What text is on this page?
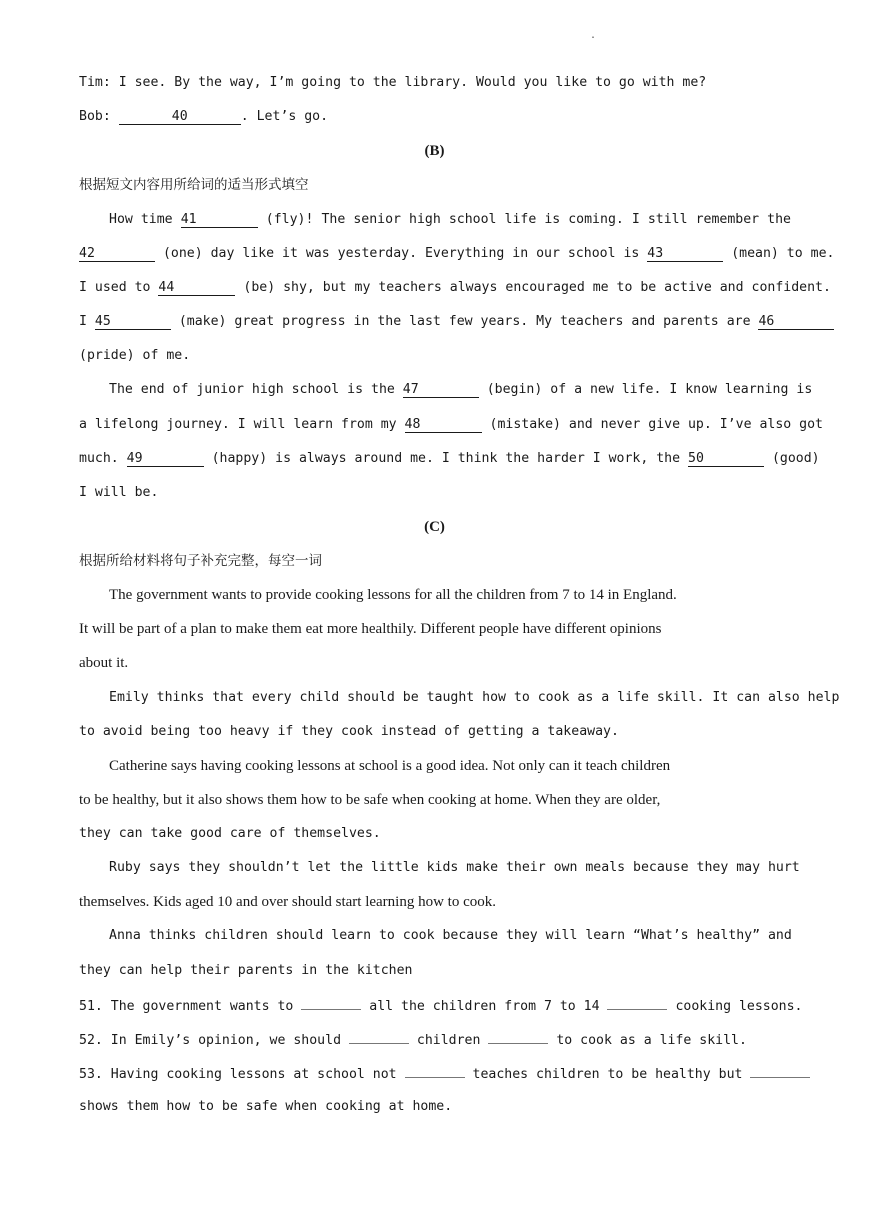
.
Tim: I see. By the way, I’m going to the library. Would you like to go with me?
Bob:	40	. Let’s go.
(B)
根据短文内容用所给词的适当形式填空
How time 41	(fly)! The senior high school life is coming. I still remember the
42	(one) day like it was yesterday. Everything in our school is 43	(mean) to me.
I used to 44	(be) shy, but my teachers always encouraged me to be active and confident.
I 45	(make) great progress in the last few years. My teachers and parents are 46
(pride) of me.
The end of junior high school is the 47	(begin) of a new life. I know learning is
a lifelong journey. I will learn from my 48	(mistake) and never give up. I’ve also got
much. 49	(happy) is always around me. I think the harder I work, the 50	(good)
I will be.
(C)
根据所给材料将句子补充完整，每空一词
The government wants to provide cooking lessons for all the children from 7 to 14 in England.
It will be part of a plan to make them eat more healthily. Different people have different opinions
about it.
Emily thinks that every child should be taught how to cook as a life skill. It can also help
to avoid being too heavy if they cook instead of getting a takeaway.
Catherine says having cooking lessons at school is a good idea. Not only can it teach children
to be healthy, but it also shows them how to be safe when cooking at home. When they are older,
they can take good care of themselves.
Ruby says they shouldn’t let the little kids make their own meals because they may hurt
themselves. Kids aged 10 and over should start learning how to cook.
Anna thinks children should learn to cook because they will learn “What’s healthy” and
they can help their parents in the kitchen
51. The government wants to	all the children from 7 to 14	cooking lessons.
52. In Emily’s opinion, we should	children	to cook as a life skill.
53. Having cooking lessons at school not	teaches children to be healthy but
shows them how to be safe when cooking at home.
